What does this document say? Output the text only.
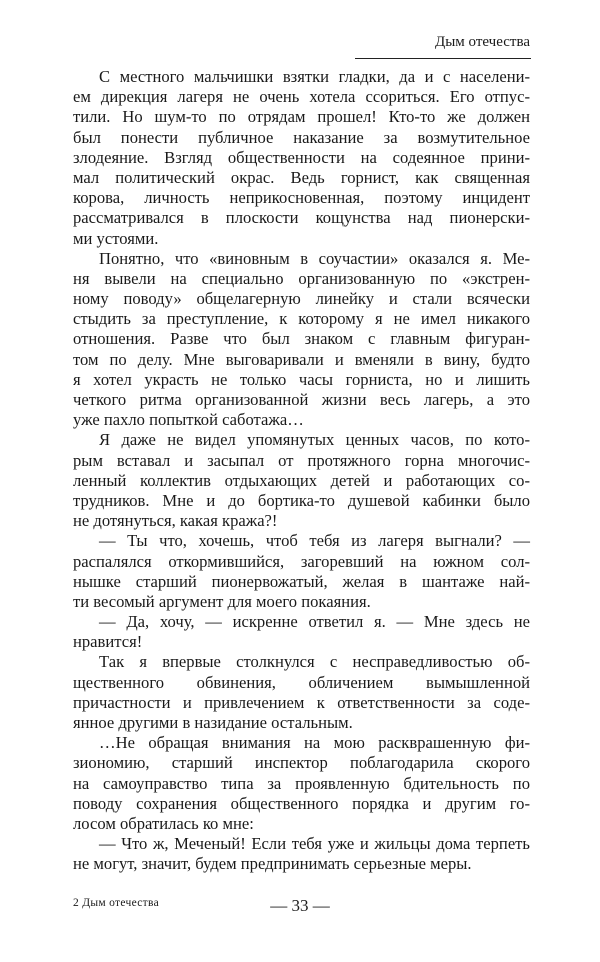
Дым отечества
С местного мальчишки взятки гладки, да и с населени-
ем дирекция лагеря не очень хотела ссориться. Его отпус-
тили. Но шум-то по отрядам прошел! Кто-то же должен
был понести публичное наказание за возмутительное
злодеяние. Взгляд общественности на содеянное прини-
мал политический окрас. Ведь горнист, как священная
корова, личность неприкосновенная, поэтому инцидент
рассматривался в плоскости кощунства над пионерски-
ми устоями.
Понятно, что «виновным в соучастии» оказался я. Ме-
ня вывели на специально организованную по «экстрен-
ному поводу» общелагерную линейку и стали всячески
стыдить за преступление, к которому я не имел никакого
отношения. Разве что был знаком с главным фигуран-
том по делу. Мне выговаривали и вменяли в вину, будто
я хотел украсть не только часы горниста, но и лишить
четкого ритма организованной жизни весь лагерь, а это
уже пахло попыткой саботажа…
Я даже не видел упомянутых ценных часов, по кото-
рым вставал и засыпал от протяжного горна многочис-
ленный коллектив отдыхающих детей и работающих со-
трудников. Мне и до бортика-то душевой кабинки было
не дотянуться, какая кража?!
— Ты что, хочешь, чтоб тебя из лагеря выгнали? —
распалялся откормившийся, загоревший на южном сол-
нышке старший пионервожатый, желая в шантаже най-
ти весомый аргумент для моего покаяния.
— Да, хочу, — искренне ответил я. — Мне здесь не
нравится!
Так я впервые столкнулся с несправедливостью об-
щественного обвинения, обличением вымышленной
причастности и привлечением к ответственности за соде-
янное другими в назидание остальным.
…Не обращая внимания на мою раскврашенную фи-
зиономию, старший инспектор поблагодарила скорого
на самоуправство типа за проявленную бдительность по
поводу сохранения общественного порядка и другим го-
лосом обратилась ко мне:
— Что ж, Меченый! Если тебя уже и жильцы дома терпеть
не могут, значит, будем предпринимать серьезные меры.
2 Дым отечества	— 33 —
